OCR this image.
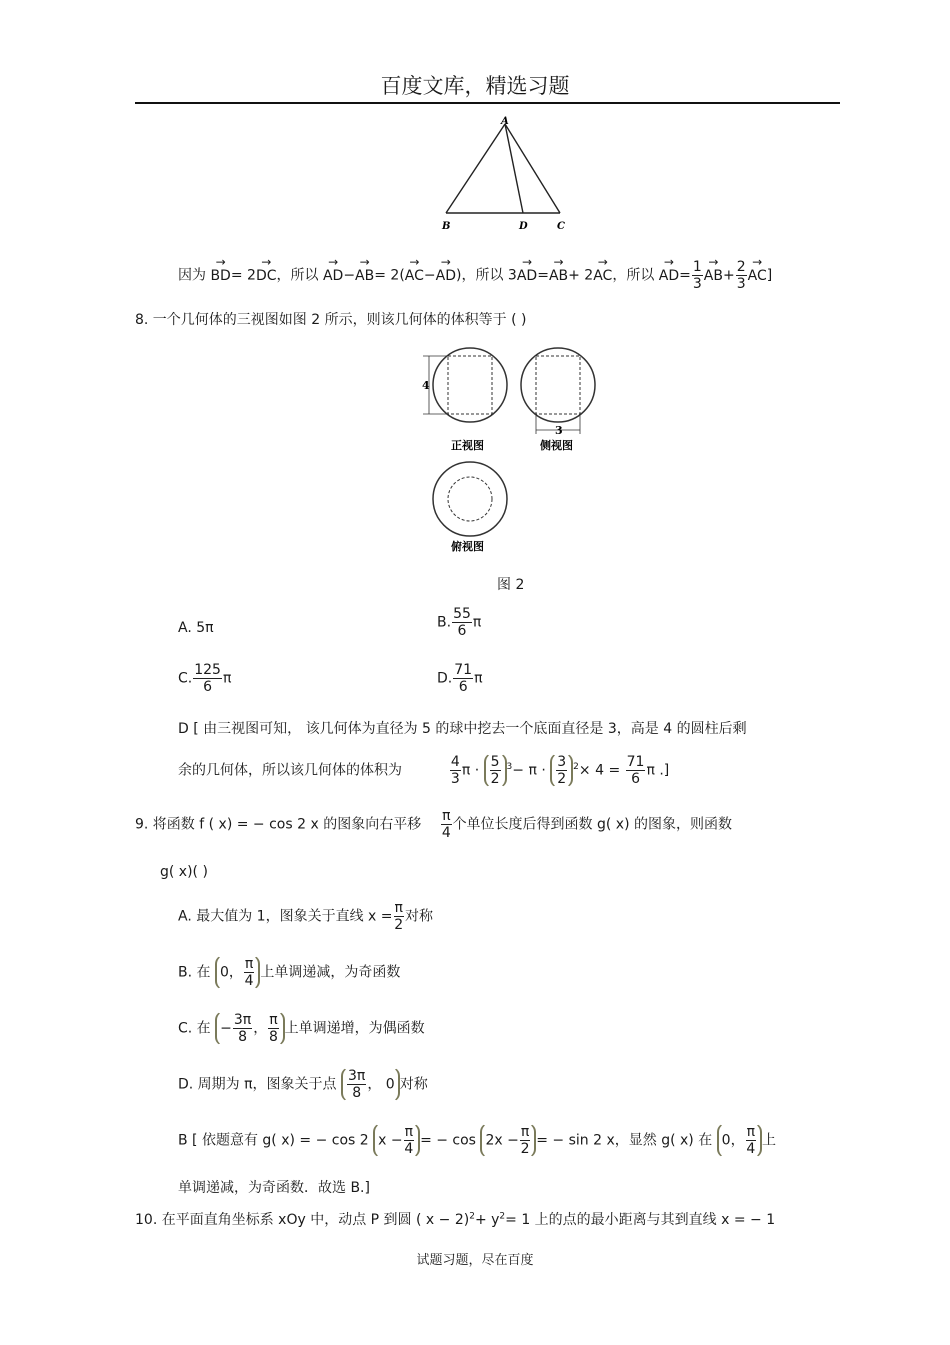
百度文库，精选习题
A
B	D	C
因为 → BD= 2→ DC，所以 → AD−→ AB= 2(→ AC−→ AD)，所以 3→ AD=→ AB+ 2→ AC，所以 → $AD= \frac{1}{3}$
→ $AB+ \frac{2}{3}$
→ AC]
8. 一个几何体的三视图如图 2 所示，则该几何体的体积等于 ( )
4
正视图
3
侧视图
俯视图
图 2
A. 5π	B. $\frac{55}{6}$ π
C. $\frac{125}{6}$ π	D. $\frac{71}{6}$ π
D [ 由三视图可知， 该几何体为直径为 5 的球中挖去一个底面直径是 3，高是 4 的圆柱后剩
余的几何体，所以该几何体的体积为	$\frac{4}{3}$ $\pi \cdot \frac{5}{2} ^3- \pi \cdot \frac{3}{2} ^2\times 4 = \frac{71}{6}$ π .]
9. 将函数 f ( x) = − cos 2 x 的图象向右平移 $\frac{\pi}{4}$ 个单位长度后得到函数 g( x) 的图象，则函数
g( x)( )
A. 最大值为 1，图象关于直线 $x = \frac{\pi}{2}$ 对称
B. 在 0， $\frac{\pi}{4}$ 上单调递减，为奇函数
C. 在 − $\frac{3\pi}{8}$ ， $\frac{\pi}{8}$ 上单调递增，为偶函数
D. 周期为 π，图象关于点 $\frac{3\pi}{8}$ ， 0 对称
B [ 依题意有 g( x) = − cos 2 $x - \frac{\pi}{4}$ = − $\cos 2x - \frac{\pi}{2}$ = − sin 2 x，显然 g( x) 在 0， $\frac{\pi}{4}$ 上
单调递减，为奇函数．故选 B.]
10. 在平面直角坐标系 xOy 中，动点 P 到圆 ( $x - 2)^2+ y^2= 1$ 上的点的最小距离与其到直线 x = − 1
试题习题，尽在百度
